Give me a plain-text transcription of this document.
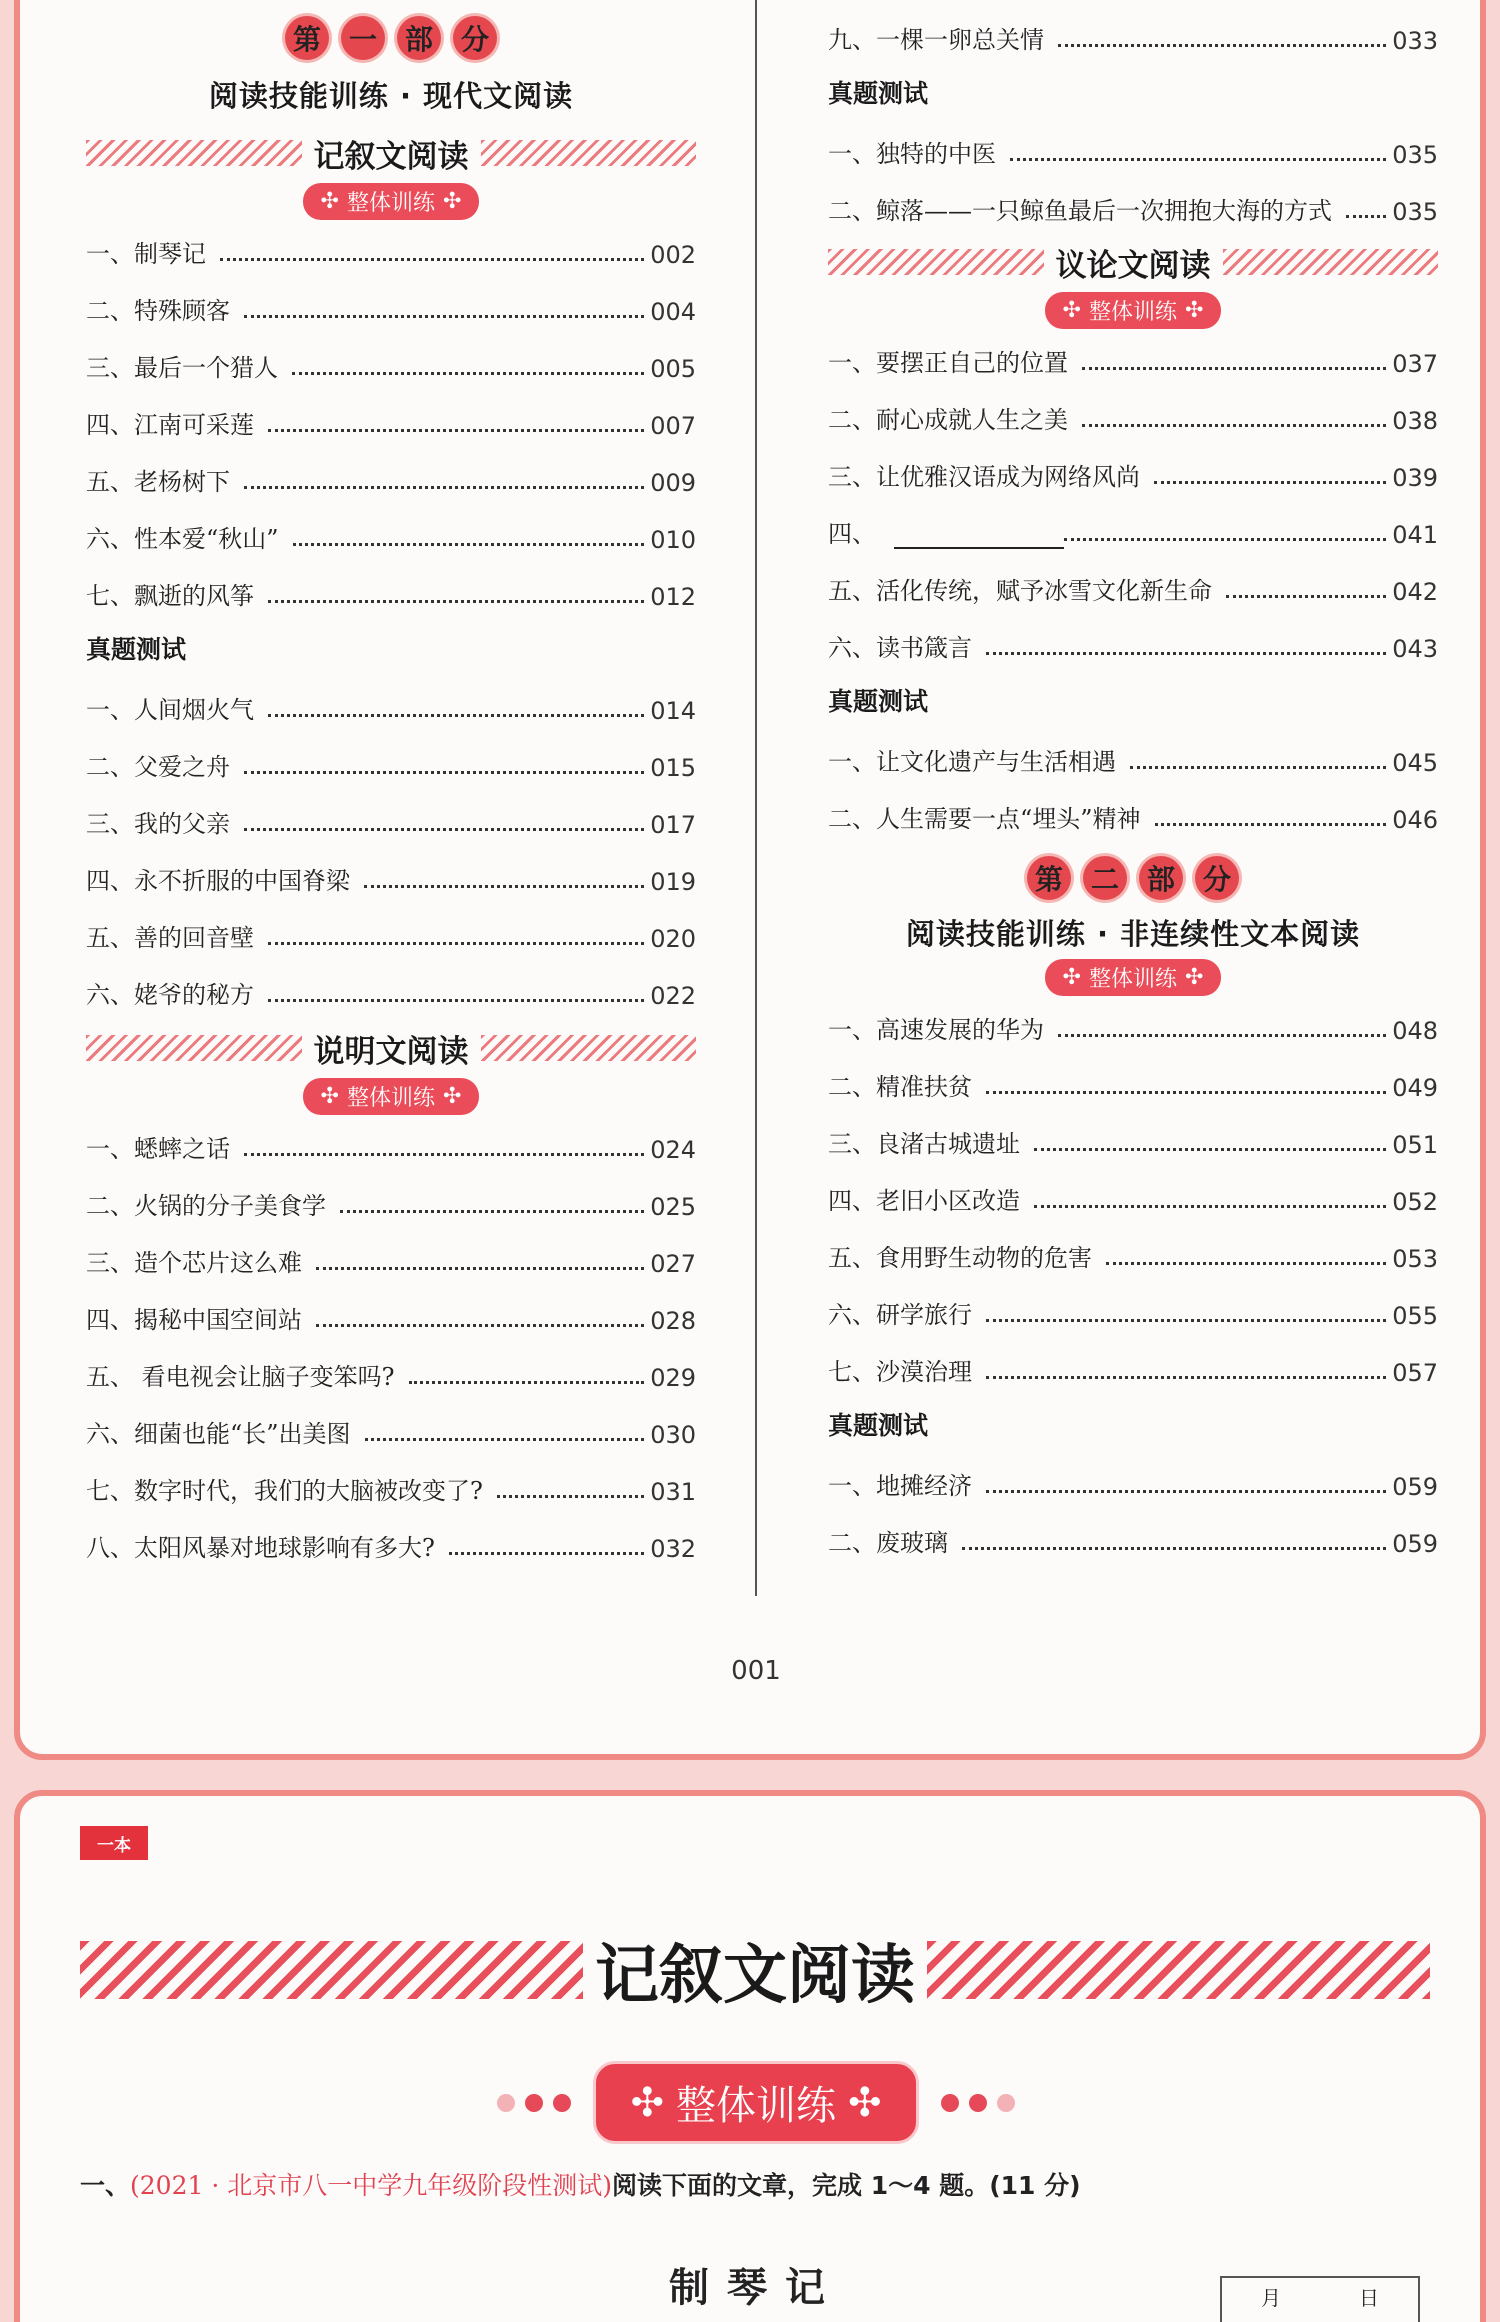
第 一 部 分
阅读技能训练 · 现代文阅读
记叙文阅读
✣ 整体训练 ✣
一、制琴记	002
二、特殊顾客	004
三、最后一个猎人	005
四、江南可采莲	007
五、老杨树下	009
六、性本爱“秋山”	010
七、飘逝的风筝	012
真题测试
一、人间烟火气	014
二、父爱之舟	015
三、我的父亲	017
四、永不折服的中国脊梁	019
五、善的回音壁	020
六、姥爷的秘方	022
说明文阅读
✣ 整体训练 ✣
一、蟋蟀之话	024
二、火锅的分子美食学	025
三、造个芯片这么难	027
四、揭秘中国空间站	028
五、 看电视会让脑子变笨吗?	029
六、细菌也能“长”出美图	030
七、数字时代，我们的大脑被改变了?	031
八、太阳风暴对地球影响有多大?	032
九、一棵一卵总关情	033
真题测试
一、独特的中医	035
二、鲸落——一只鲸鱼最后一次拥抱大海的方式	035
议论文阅读
✣ 整体训练 ✣
一、要摆正自己的位置	037
二、耐心成就人生之美	038
三、让优雅汉语成为网络风尚	039
四、	041
五、活化传统，赋予冰雪文化新生命	042
六、读书箴言	043
真题测试
一、让文化遗产与生活相遇	045
二、人生需要一点“埋头”精神	046
第 二 部 分
阅读技能训练 · 非连续性文本阅读
✣ 整体训练 ✣
一、高速发展的华为	048
二、精准扶贫	049
三、良渚古城遗址	051
四、老旧小区改造	052
五、食用野生动物的危害	053
六、研学旅行	055
七、沙漠治理	057
真题测试
一、地摊经济	059
二、废玻璃	059
001
一本
记叙文阅读
✣ 整体训练 ✣
一、(2021 · 北京市八一中学九年级阶段性测试)阅读下面的文章，完成 1～4 题。(11 分)
制琴记	月	日
